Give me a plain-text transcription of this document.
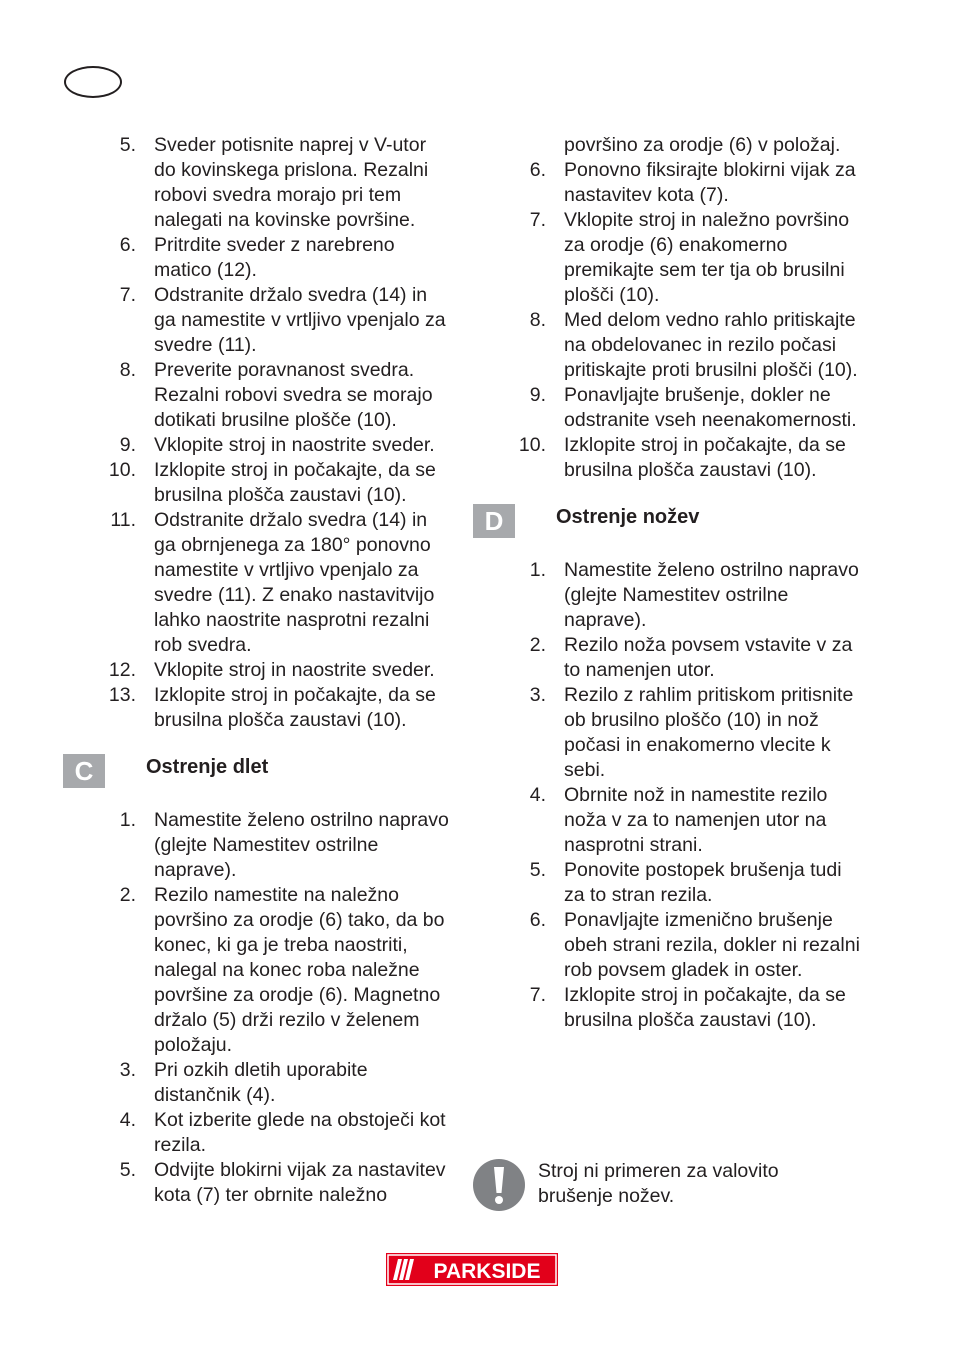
5. Sveder potisnite naprej v V-utor do kovinskega prislona. Rezalni robovi svedra morajo pri tem nalegati na kovinske površine.
6. Pritrdite sveder z narebreno matico (12).
7. Odstranite držalo svedra (14) in ga namestite v vrtljivo vpenjalo za svedre (11).
8. Preverite poravnanost svedra. Rezalni robovi svedra se morajo dotikati brusilne plošče (10).
9. Vklopite stroj in naostrite sveder.
10. Izklopite stroj in počakajte, da se brusilna plošča zaustavi (10).
11. Odstranite držalo svedra (14) in ga obrnjenega za 180° ponovno namestite v vrtljivo vpenjalo za svedre (11). Z enako nastavitvijo lahko naostrite nasprotni rezalni rob svedra.
12. Vklopite stroj in naostrite sveder.
13. Izklopite stroj in počakajte, da se brusilna plošča zaustavi (10).
C	Ostrenje dlet
1. Namestite želeno ostrilno napravo (glejte Namestitev ostrilne naprave).
2. Rezilo namestite na naležno površino za orodje (6) tako, da bo konec, ki ga je treba naostriti, nalegal na konec roba naležne površine za orodje (6). Magnetno držalo (5) drži rezilo v želenem položaju.
3. Pri ozkih dletih uporabite distančnik (4).
4. Kot izberite glede na obstoječi kot rezila.
5. Odvijte blokirni vijak za nastavitev kota (7) ter obrnite naležno
površino za orodje (6) v položaj.
6. Ponovno fiksirajte blokirni vijak za nastavitev kota (7).
7. Vklopite stroj in naležno površino za orodje (6) enakomerno premikajte sem ter tja ob brusilni plošči (10).
8. Med delom vedno rahlo pritiskajte na obdelovanec in rezilo počasi pritiskajte proti brusilni plošči (10).
9. Ponavljajte brušenje, dokler ne odstranite vseh neenakomernosti.
10. Izklopite stroj in počakajte, da se brusilna plošča zaustavi (10).
D	Ostrenje nožev
1. Namestite želeno ostrilno napravo (glejte Namestitev ostrilne naprave).
2. Rezilo noža povsem vstavite v za to namenjen utor.
3. Rezilo z rahlim pritiskom pritisnite ob brusilno ploščo (10) in nož počasi in enakomerno vlecite k sebi.
4. Obrnite nož in namestite rezilo noža v za to namenjen utor na nasprotni strani.
5. Ponovite postopek brušenja tudi za to stran rezila.
6. Ponavljajte izmenično brušenje obeh strani rezila, dokler ni rezalni rob povsem gladek in oster.
7. Izklopite stroj in počakajte, da se brusilna plošča zaustavi (10).
Stroj ni primeren za valovito brušenje nožev.
PARKSIDE
